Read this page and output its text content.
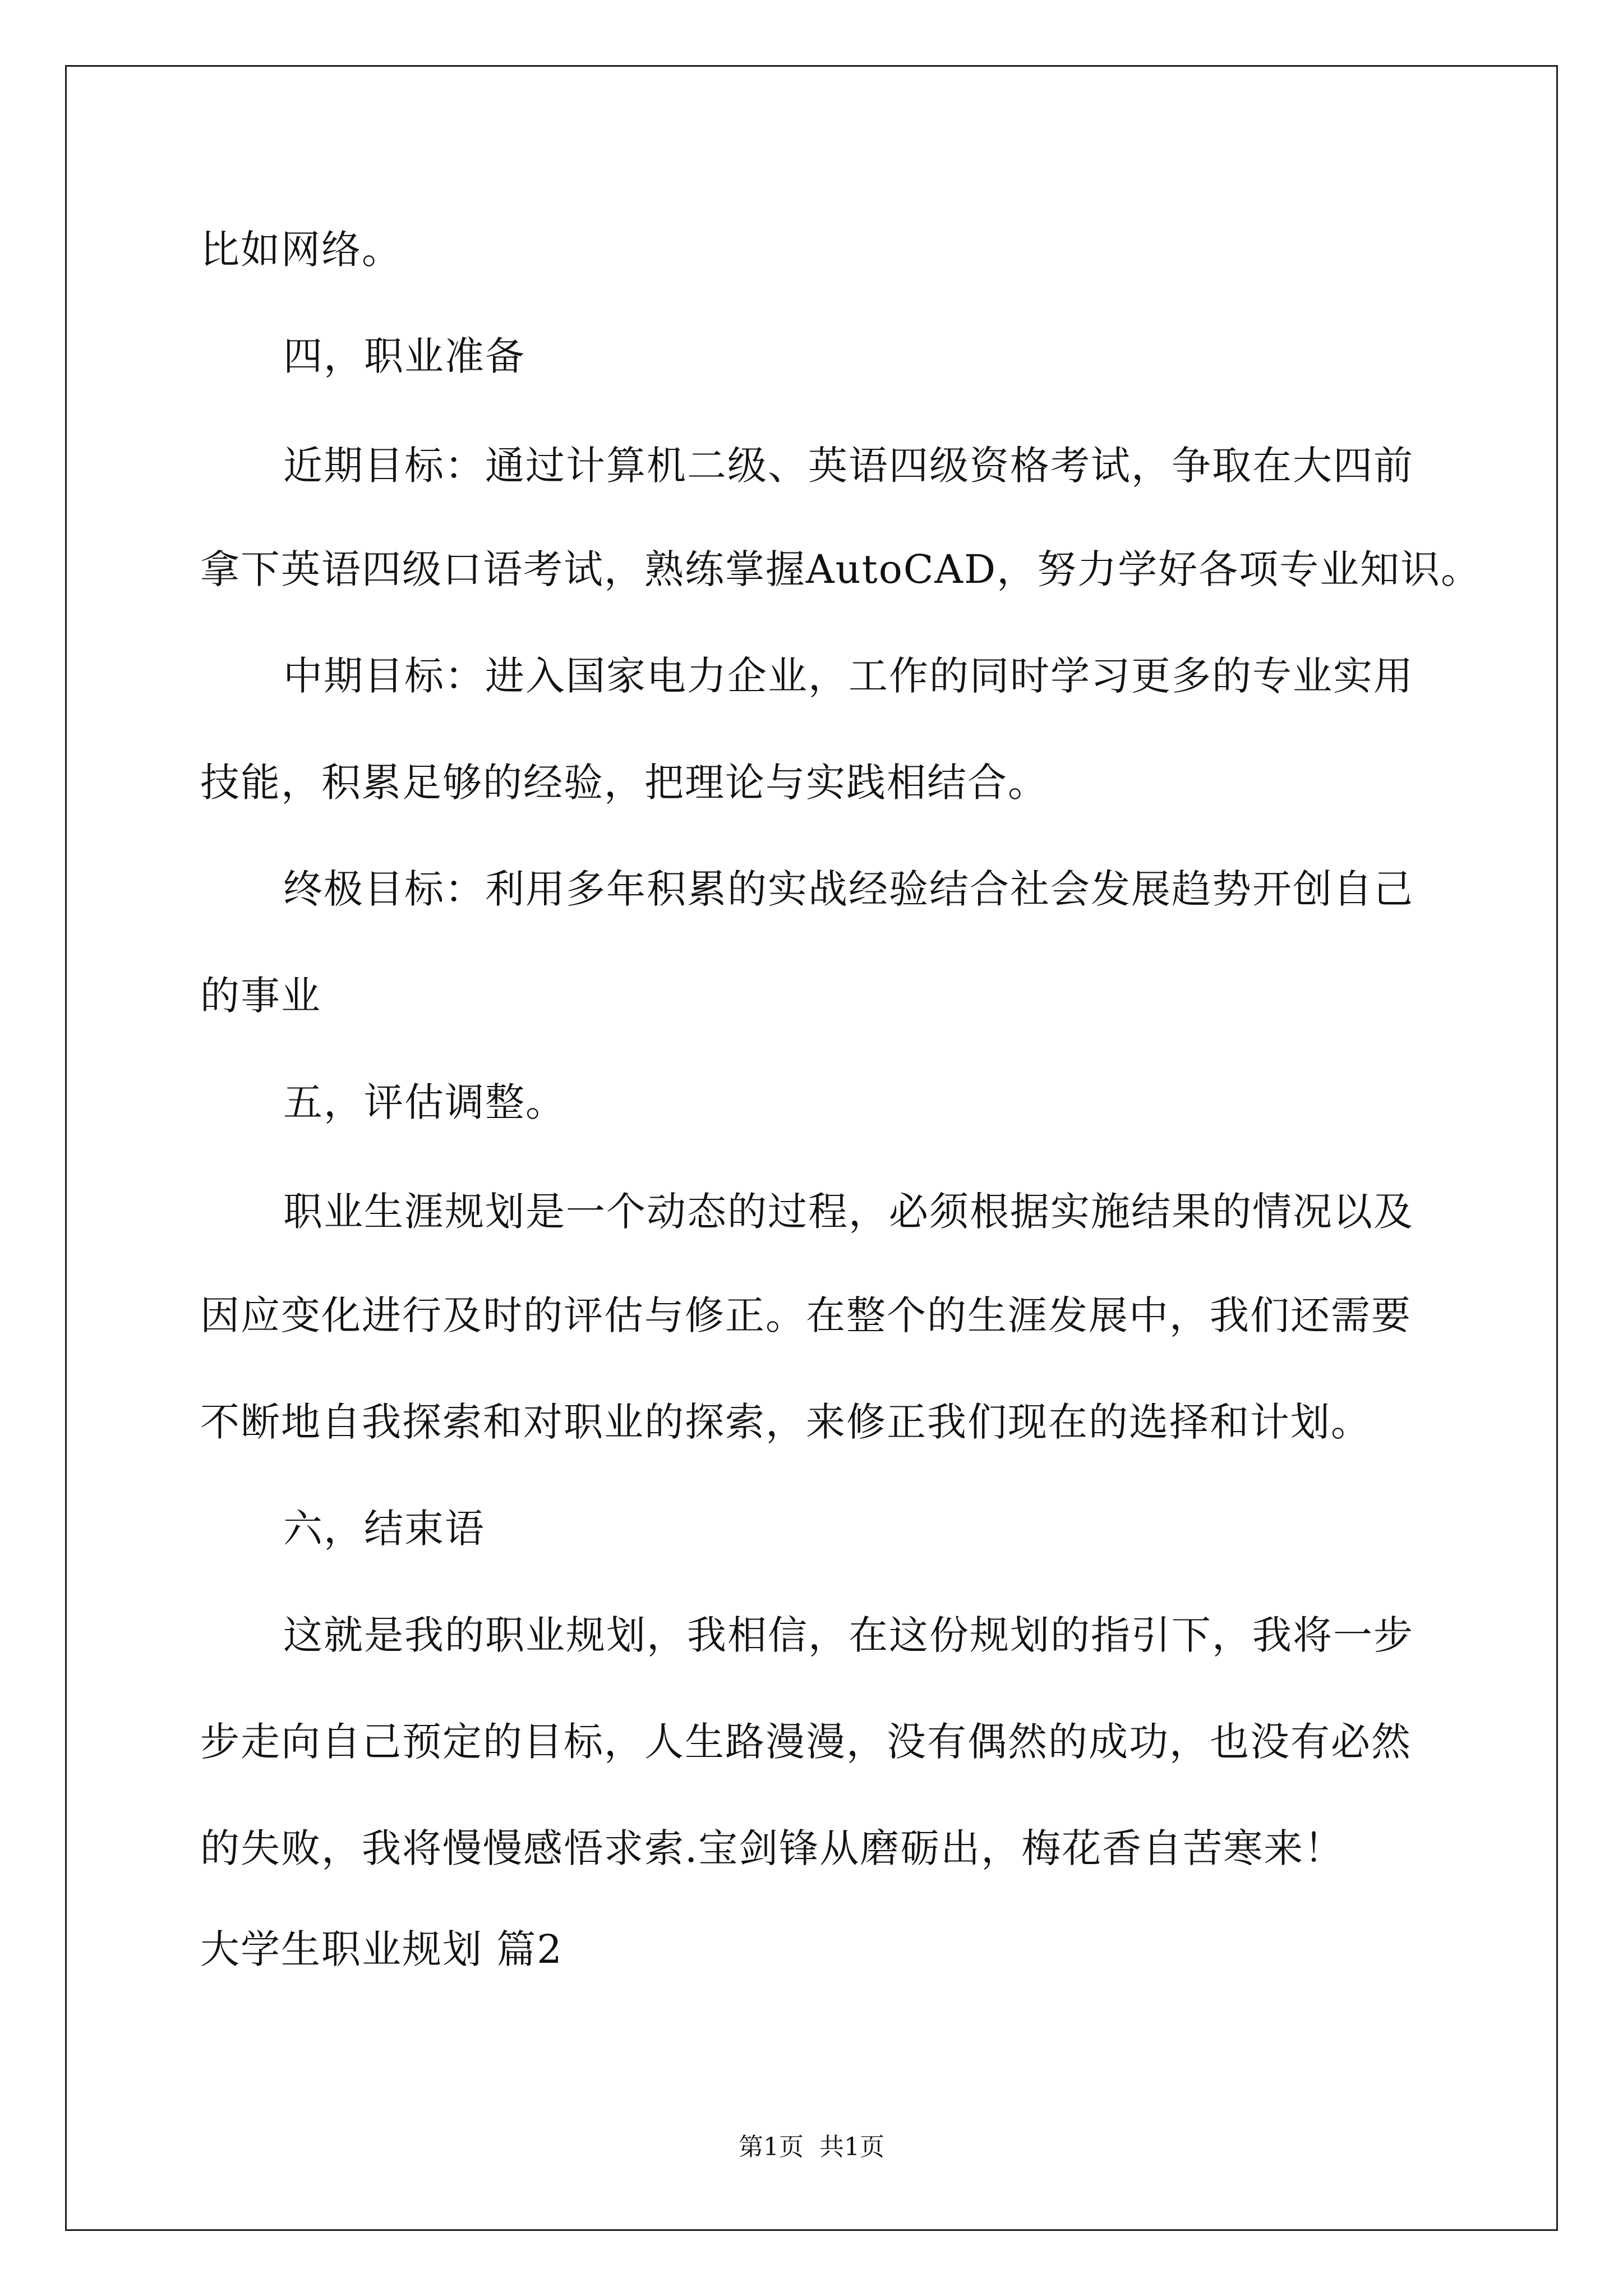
比如网络。
四，职业准备
近期目标：通过计算机二级、英语四级资格考试，争取在大四前
拿下英语四级口语考试，熟练掌握AutoCAD，努力学好各项专业知识。
中期目标：进入国家电力企业，工作的同时学习更多的专业实用
技能，积累足够的经验，把理论与实践相结合。
终极目标：利用多年积累的实战经验结合社会发展趋势开创自己
的事业
五，评估调整。
职业生涯规划是一个动态的过程，必须根据实施结果的情况以及
因应变化进行及时的评估与修正。在整个的生涯发展中，我们还需要
不断地自我探索和对职业的探索，来修正我们现在的选择和计划。
六，结束语
这就是我的职业规划，我相信，在这份规划的指引下，我将一步
步走向自己预定的目标，人生路漫漫，没有偶然的成功，也没有必然
的失败，我将慢慢感悟求索.宝剑锋从磨砺出，梅花香自苦寒来！
大学生职业规划 篇2
第1页  共1页
